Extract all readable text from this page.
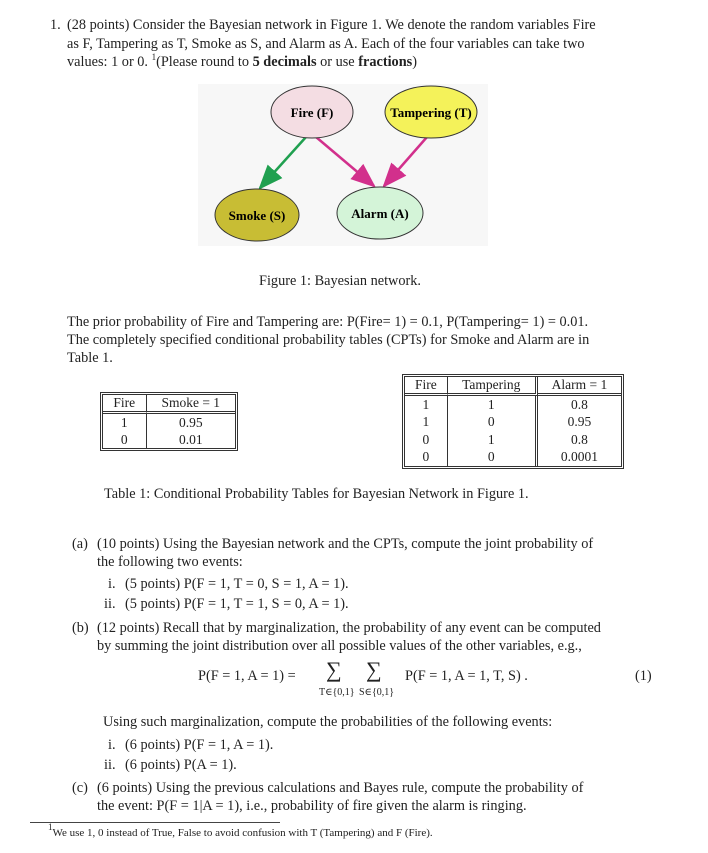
1. (28 points) Consider the Bayesian network in Figure 1. We denote the random variables Fire
as F, Tampering as T, Smoke as S, and Alarm as A. Each of the four variables can take two
values: 1 or 0. $^1$(Please round to 5 decimals or use fractions)
Fire (F)	Tampering (T)
Smoke (S)	Alarm (A)
Figure 1: Bayesian network.
The prior probability of Fire and Tampering are: P(Fire= 1) = 0.1, P(Tampering= 1) = 0.01.
The completely specified conditional probability tables (CPTs) for Smoke and Alarm are in
Table 1.
Fire	Smoke = 1
1	0.95
0	0.01
Fire	Tampering	Alarm = 1
1	1	0.8
1	0	0.95
0	1	0.8
0	0	0.0001
Table 1: Conditional Probability Tables for Bayesian Network in Figure 1.
(a) (10 points) Using the Bayesian network and the CPTs, compute the joint probability of
the following two events:
i. (5 points) P(F = 1, T = 0, S = 1, A = 1).
ii. (5 points) P(F = 1, T = 1, S = 0, A = 1).
(b) (12 points) Recall that by marginalization, the probability of any event can be computed
by summing the joint distribution over all possible values of the other variables, e.g.,
P(F = 1, A = 1) = ∑ ∑
T∈{0,1} S∈{0,1}
P(F = 1, A = 1, T, S) .	(1)
Using such marginalization, compute the probabilities of the following events:
i. (6 points) P(F = 1, A = 1).
ii. (6 points) P(A = 1).
(c) (6 points) Using the previous calculations and Bayes rule, compute the probability of
the event: P(F = 1|A = 1), i.e., probability of fire given the alarm is ringing.
$^1$We use 1, 0 instead of True, False to avoid confusion with T (Tampering) and F (Fire).
